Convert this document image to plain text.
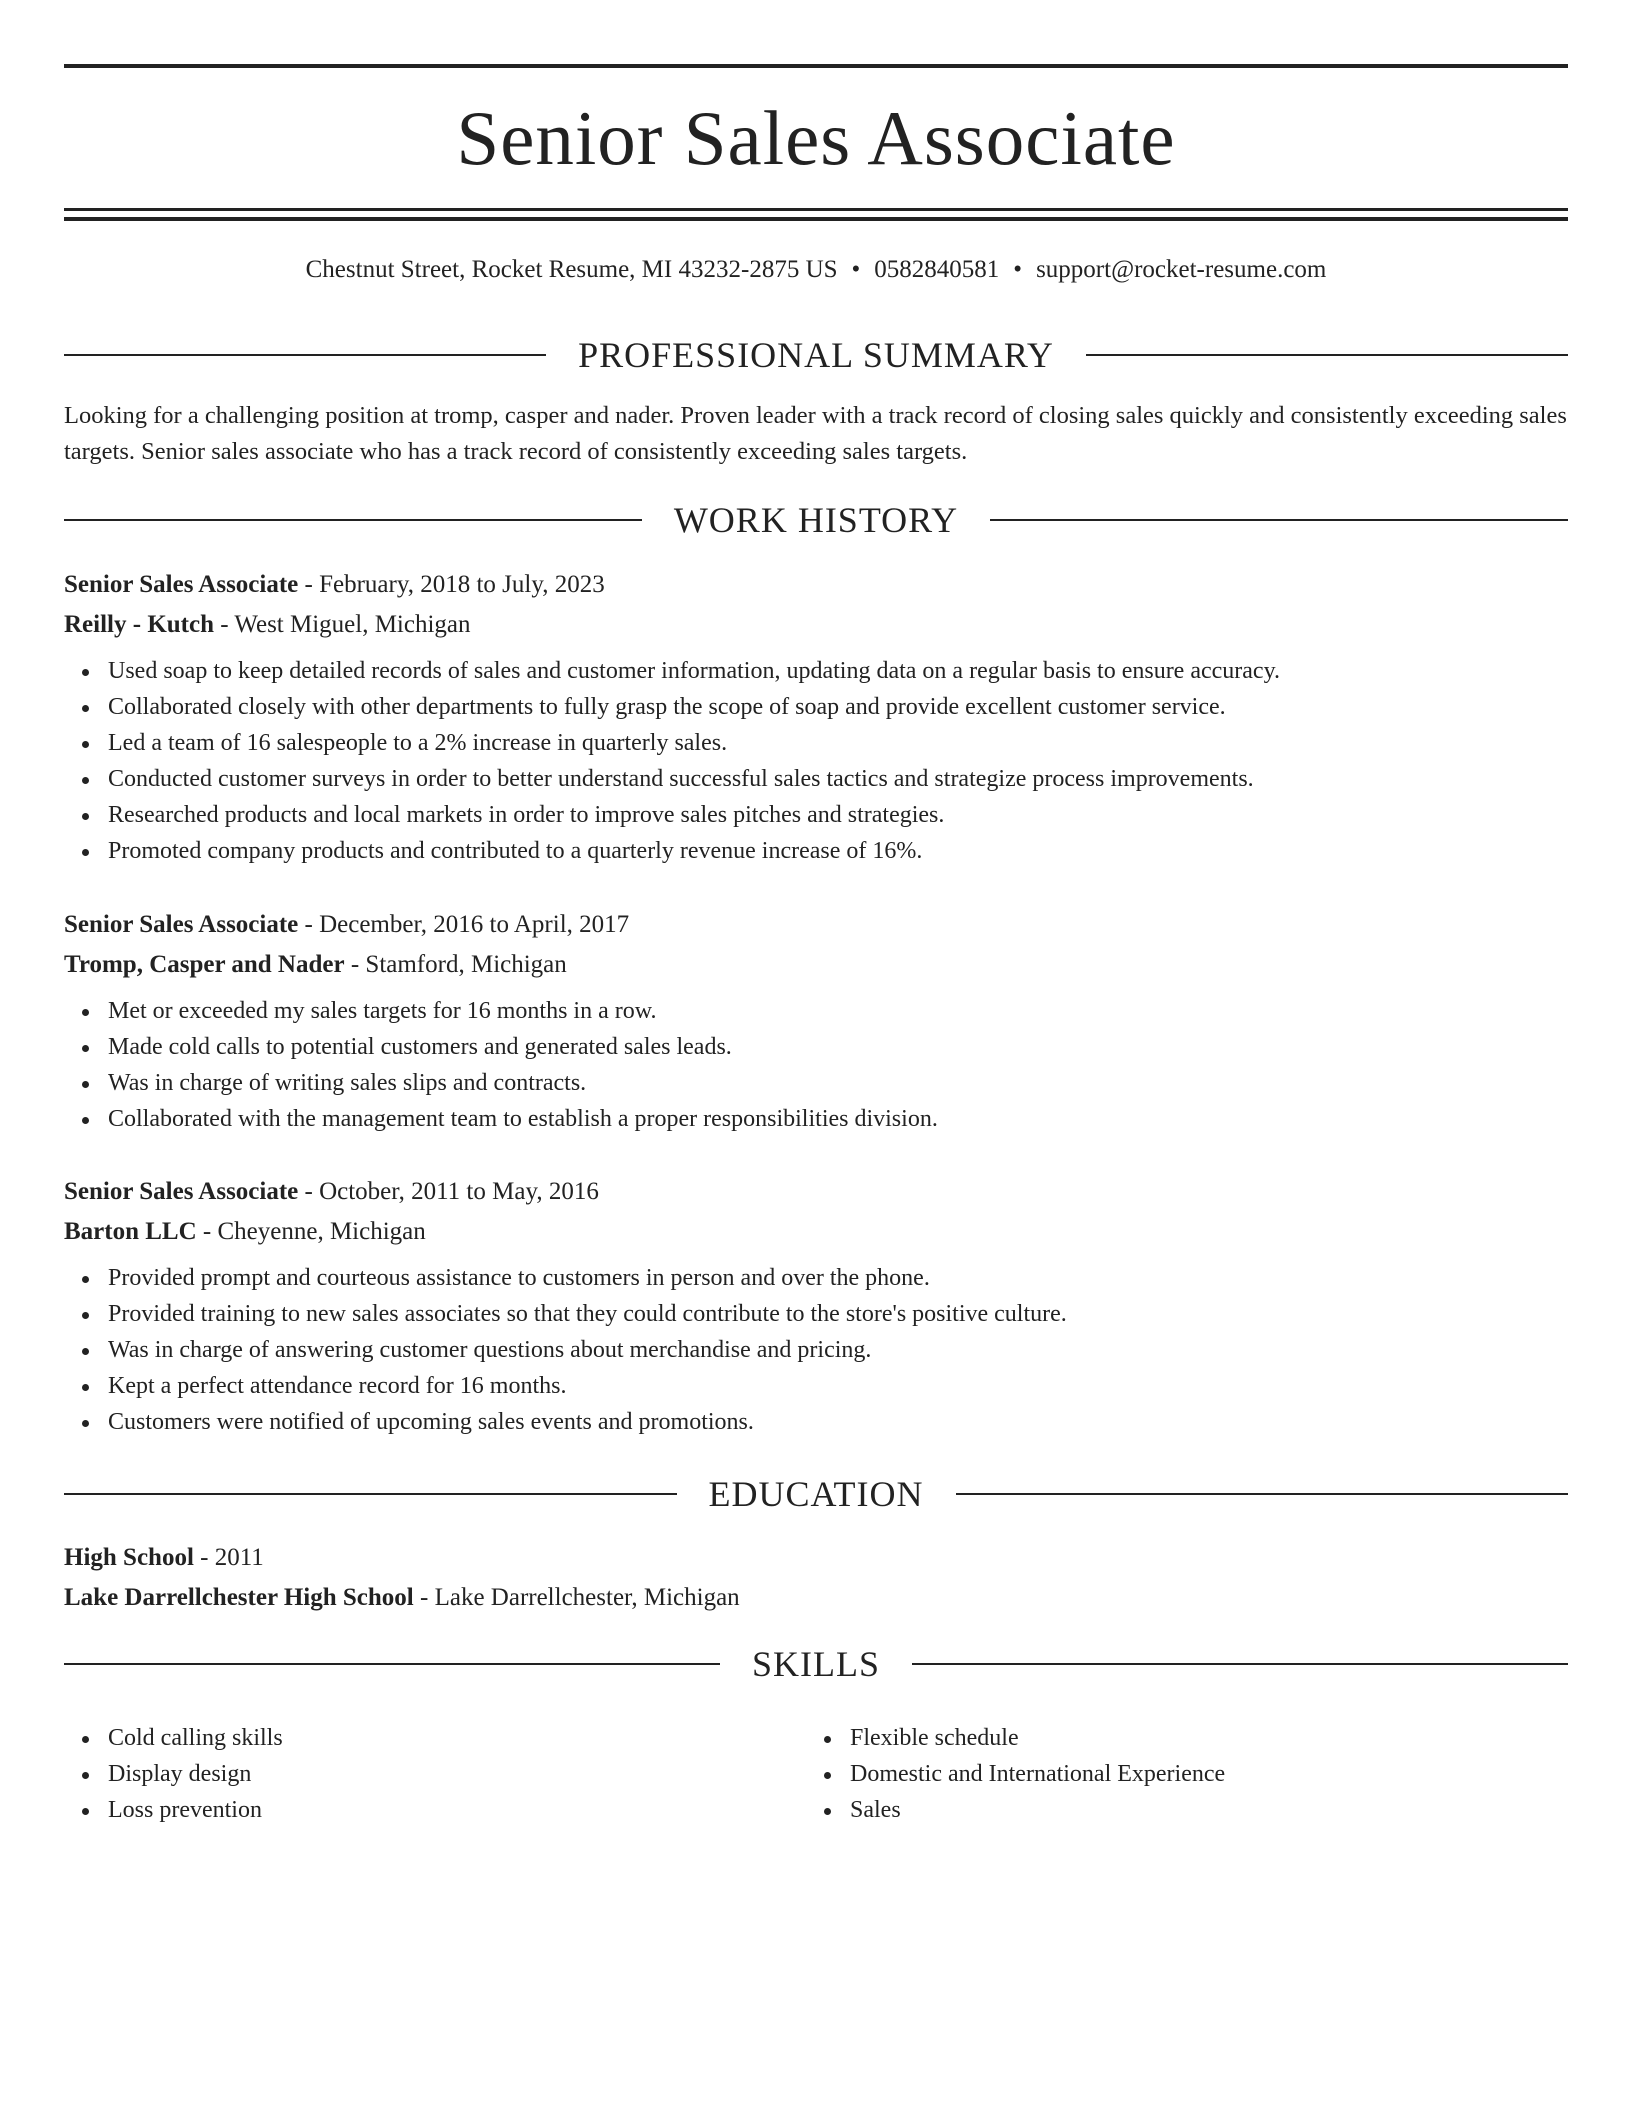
Senior Sales Associate
Chestnut Street, Rocket Resume, MI 43232-2875 US • 0582840581 • support@rocket-resume.com
PROFESSIONAL SUMMARY

Looking for a challenging position at tromp, casper and nader. Proven leader with a track record of closing sales quickly and consistently exceeding sales targets. Senior sales associate who has a track record of consistently exceeding sales targets.

WORK HISTORY
Senior Sales Associate - February, 2018 to July, 2023
Reilly - Kutch - West Miguel, Michigan
Used soap to keep detailed records of sales and customer information, updating data on a regular basis to ensure accuracy.
Collaborated closely with other departments to fully grasp the scope of soap and provide excellent customer service.
Led a team of 16 salespeople to a 2% increase in quarterly sales.
Conducted customer surveys in order to better understand successful sales tactics and strategize process improvements.
Researched products and local markets in order to improve sales pitches and strategies.
Promoted company products and contributed to a quarterly revenue increase of 16%.
Senior Sales Associate - December, 2016 to April, 2017
Tromp, Casper and Nader - Stamford, Michigan
Met or exceeded my sales targets for 16 months in a row.
Made cold calls to potential customers and generated sales leads.
Was in charge of writing sales slips and contracts.
Collaborated with the management team to establish a proper responsibilities division.
Senior Sales Associate - October, 2011 to May, 2016
Barton LLC - Cheyenne, Michigan
Provided prompt and courteous assistance to customers in person and over the phone.
Provided training to new sales associates so that they could contribute to the store's positive culture.
Was in charge of answering customer questions about merchandise and pricing.
Kept a perfect attendance record for 16 months.
Customers were notified of upcoming sales events and promotions.
EDUCATION
High School - 2011
Lake Darrellchester High School - Lake Darrellchester, Michigan
SKILLS
Cold calling skills
Display design
Loss prevention
Flexible schedule
Domestic and International Experience
Sales
